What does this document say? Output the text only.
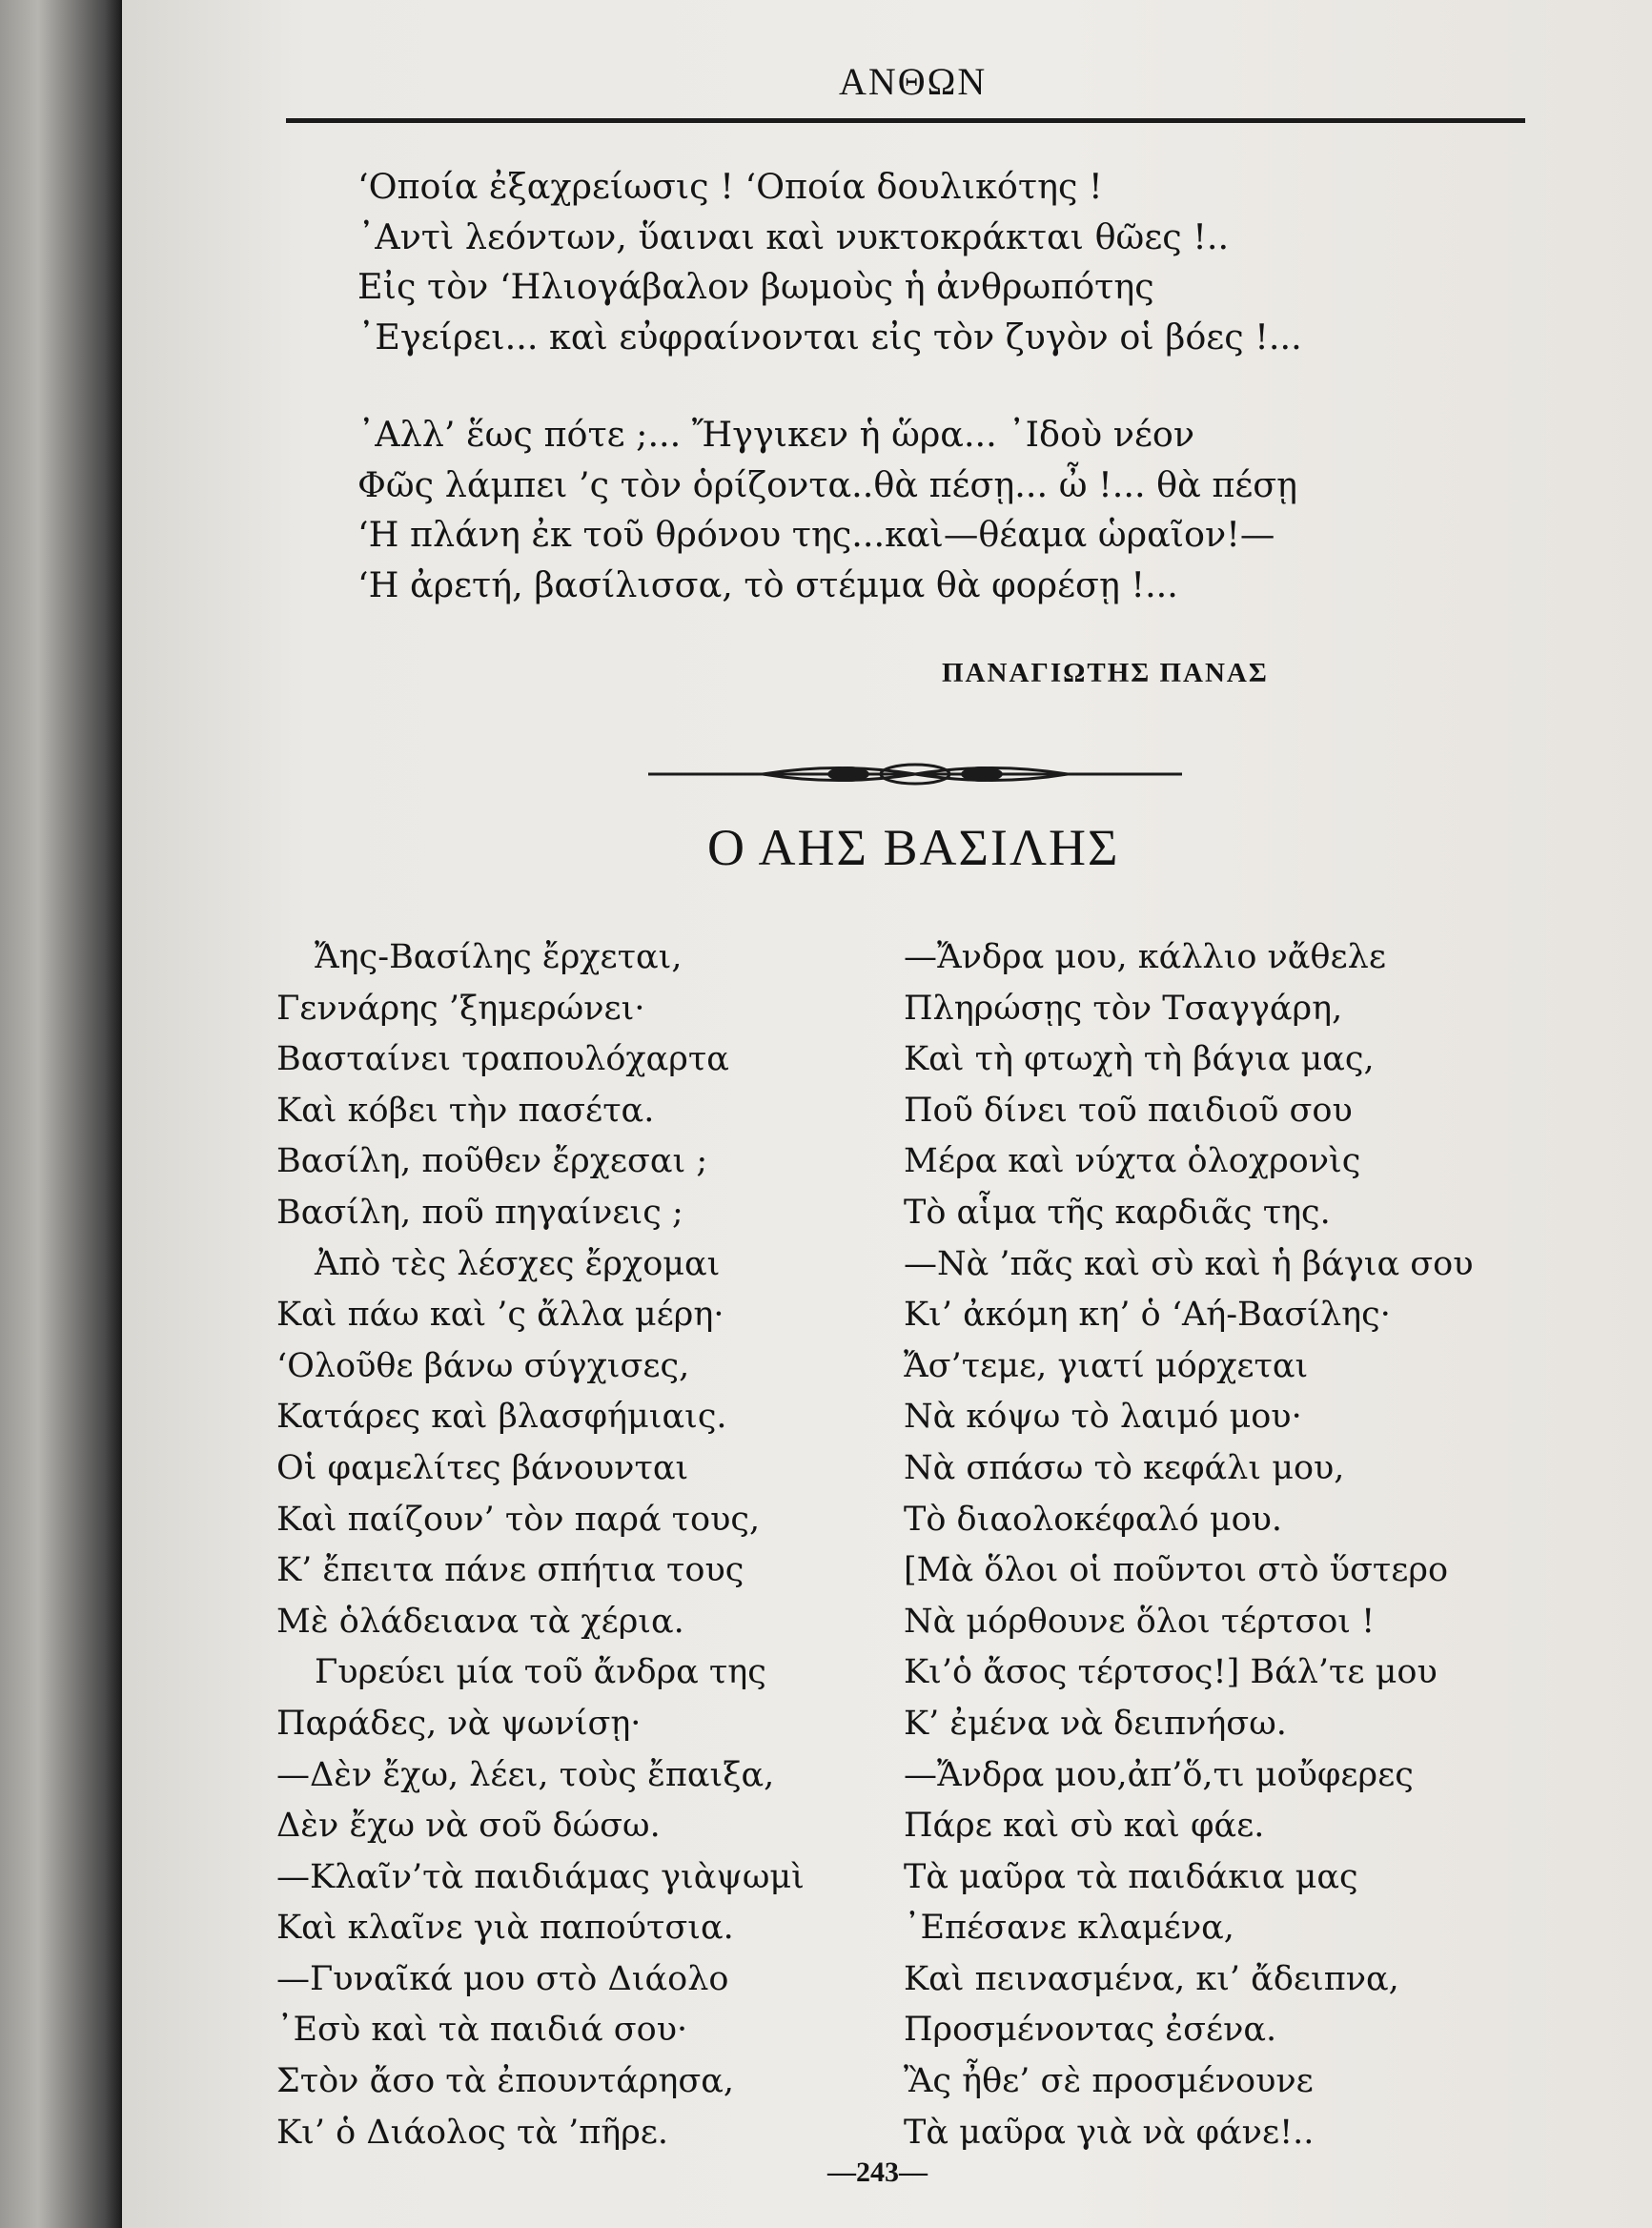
ΑΝΘΩΝ
‘Οποία ἐξαχρείωσις ! ‘Οποία δουλικότης !
᾿Αντὶ λεόντων, ὕαιναι καὶ νυκτοκράκται θῶες !..
Εἰς τὸν ‘Ηλιογάβαλον βωμοὺς ἡ ἀνθρωπότης
᾿Εγείρει... καὶ εὐφραίνονται εἰς τὸν ζυγὸν οἱ βόες !...
᾿Αλλ’ ἕως πότε ;... Ἤγγικεν ἡ ὥρα... ᾿Ιδοὺ νέον
Φῶς λάμπει ’ς τὸν ὁρίζοντα..θὰ πέσῃ... ὦ !... θὰ πέσῃ
‘Η πλάνη ἐκ τοῦ θρόνου της...καὶ—θέαμα ὡραῖον!—
‘Η ἀρετή, βασίλισσα, τὸ στέμμα θὰ φορέσῃ !...
ΠΑΝΑΓΙΩΤΗΣ ΠΑΝΑΣ
Ο ΑΗΣ ΒΑΣΙΛΗΣ
Ἄης-Βασίλης ἔρχεται,
Γεννάρης ’ξημερώνει·
Βασταίνει τραπουλόχαρτα
Καὶ κόβει τὴν πασέτα.
Βασίλη, ποῦθεν ἔρχεσαι ;
Βασίλη, ποῦ πηγαίνεις ;
Ἀπὸ τὲς λέσχες ἔρχομαι
Καὶ πάω καὶ ’ς ἄλλα μέρη·
‘Ολοῦθε βάνω σύγχισες,
Κατάρες καὶ βλασφήμιαις.
Οἱ φαμελίτες βάνουνται
Καὶ παίζουν’ τὸν παρά τους,
Κ’ ἔπειτα πάνε σπήτια τους
Μὲ ὁλάδειανα τὰ χέρια.
Γυρεύει μία τοῦ ἄνδρα της
Παράδες, νὰ ψωνίσῃ·
—Δὲν ἔχω, λέει, τοὺς ἔπαιξα,
Δὲν ἔχω νὰ σοῦ δώσω.
—Κλαῖν’τὰ παιδιάμας γιὰψωμὶ
Καὶ κλαῖνε γιὰ παπούτσια.
—Γυναῖκά μου στὸ Διάολο
᾿Εσὺ καὶ τὰ παιδιά σου·
Στὸν ἄσο τὰ ἐπουντάρησα,
Κι’ ὁ Διάολος τὰ ’πῆρε.
—Ἄνδρα μου, κάλλιο νἄθελε
Πληρώσῃς τὸν Τσαγγάρη,
Καὶ τὴ φτωχὴ τὴ βάγια μας,
Ποῦ δίνει τοῦ παιδιοῦ σου
Μέρα καὶ νύχτα ὁλοχρονὶς
Τὸ αἷμα τῆς καρδιᾶς της.
—Νὰ ’πᾶς καὶ σὺ καὶ ἡ βάγια σου
Κι’ ἀκόμη κη’ ὁ ‘Αή-Βασίλης·
Ἄσ’τεμε, γιατί μόρχεται
Νὰ κόψω τὸ λαιμό μου·
Νὰ σπάσω τὸ κεφάλι μου,
Τὸ διαολοκέφαλό μου.
[Μὰ ὅλοι οἱ ποῦντοι στὸ ὕστερο
Νὰ μόρθουνε ὅλοι τέρτσοι !
Κι’ὁ ἄσος τέρτσος!] Βάλ’τε μου
Κ’ ἐμένα νὰ δειπνήσω.
—Ἄνδρα μου,ἀπ’ὅ,τι μοὔφερες
Πάρε καὶ σὺ καὶ φάε.
Τὰ μαῦρα τὰ παιδάκια μας
᾿Επέσανε κλαμένα,
Καὶ πεινασμένα, κι’ ἄδειπνα,
Προσμένοντας ἐσένα.
Ἂς ἦθε’ σὲ προσμένουνε
Τὰ μαῦρα γιὰ νὰ φάνε!..
—243—
